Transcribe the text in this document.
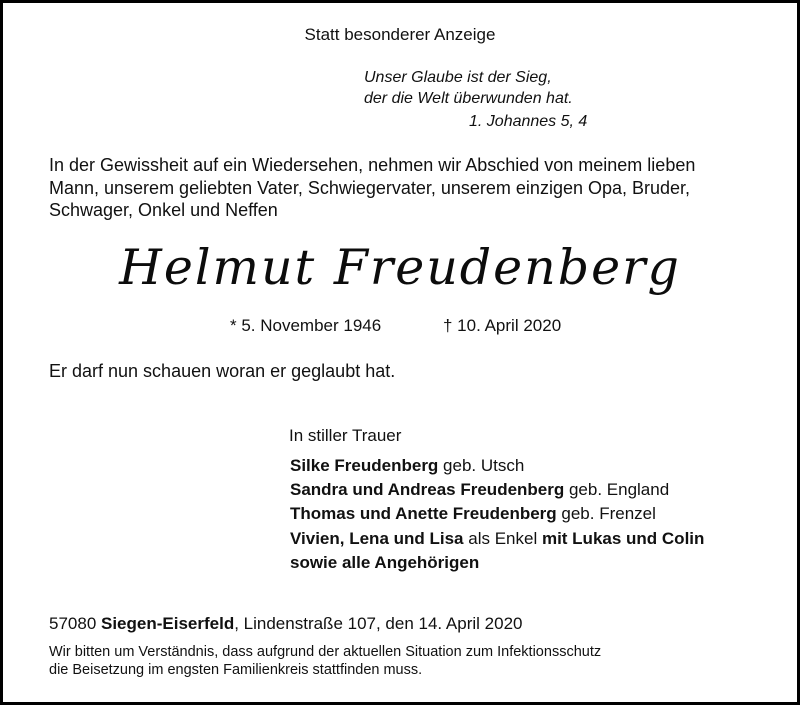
Statt besonderer Anzeige
Unser Glaube ist der Sieg,
der die Welt überwunden hat.
1. Johannes 5, 4
In der Gewissheit auf ein Wiedersehen, nehmen wir Abschied von meinem lieben
Mann, unserem geliebten Vater, Schwiegervater, unserem einzigen Opa, Bruder,
Schwager, Onkel und Neffen
Helmut Freudenberg
* 5. November 1946	† 10. April 2020
Er darf nun schauen woran er geglaubt hat.
In stiller Trauer
Silke Freudenberg geb. Utsch
Sandra und Andreas Freudenberg geb. England
Thomas und Anette Freudenberg geb. Frenzel
Vivien, Lena und Lisa als Enkel mit Lukas und Colin
sowie alle Angehörigen
57080 Siegen-Eiserfeld, Lindenstraße 107, den 14. April 2020
Wir bitten um Verständnis, dass aufgrund der aktuellen Situation zum Infektionsschutz
die Beisetzung im engsten Familienkreis stattfinden muss.
